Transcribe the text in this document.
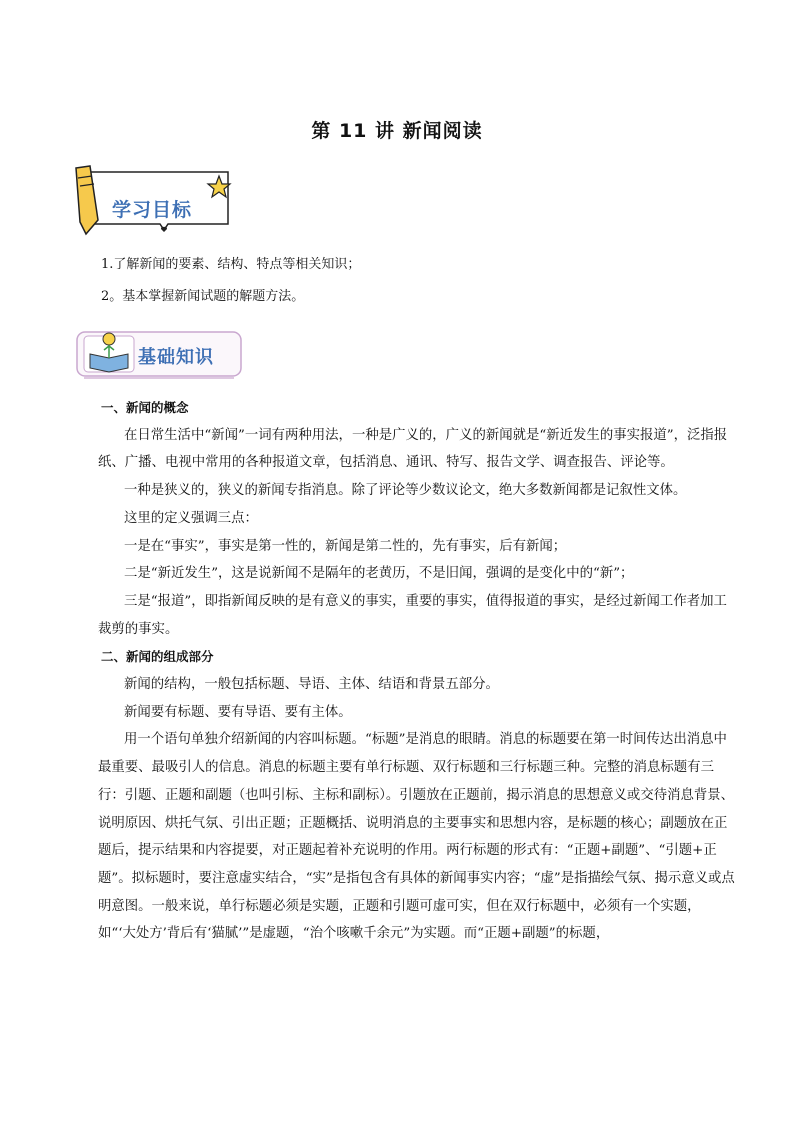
第 11 讲 新闻阅读
学习目标
1.了解新闻的要素、结构、特点等相关知识；
2。基本掌握新闻试题的解题方法。
基础知识

一、新闻的概念

在日常生活中“新闻”一词有两种用法，一种是广义的，广义的新闻就是“新近发生的事实报道”，泛指报纸、广播、电视中常用的各种报道文章，包括消息、通讯、特写、报告文学、调查报告、评论等。

一种是狭义的，狭义的新闻专指消息。除了评论等少数议论文，绝大多数新闻都是记叙性文体。

这里的定义强调三点：

一是在“事实”，事实是第一性的，新闻是第二性的，先有事实，后有新闻；

二是“新近发生”，这是说新闻不是隔年的老黄历，不是旧闻，强调的是变化中的“新”；

三是“报道”，即指新闻反映的是有意义的事实，重要的事实，值得报道的事实，是经过新闻工作者加工裁剪的事实。

二、新闻的组成部分

新闻的结构，一般包括标题、导语、主体、结语和背景五部分。

新闻要有标题、要有导语、要有主体。

用一个语句单独介绍新闻的内容叫标题。“标题”是消息的眼睛。消息的标题要在第一时间传达出消息中最重要、最吸引人的信息。消息的标题主要有单行标题、双行标题和三行标题三种。完整的消息标题有三行：引题、正题和副题（也叫引标、主标和副标）。引题放在正题前，揭示消息的思想意义或交待消息背景、说明原因、烘托气氛、引出正题；正题概括、说明消息的主要事实和思想内容，是标题的核心；副题放在正题后，提示结果和内容提要，对正题起着补充说明的作用。两行标题的形式有：“正题+副题”、“引题+正题”。拟标题时，要注意虚实结合，“实”是指包含有具体的新闻事实内容；“虚”是指描绘气氛、揭示意义或点明意图。一般来说，单行标题必须是实题，正题和引题可虚可实，但在双行标题中，必须有一个实题，如“‘大处方’背后有‘猫腻’”是虚题，“治个咳嗽千余元”为实题。而“正题+副题”的标题，
